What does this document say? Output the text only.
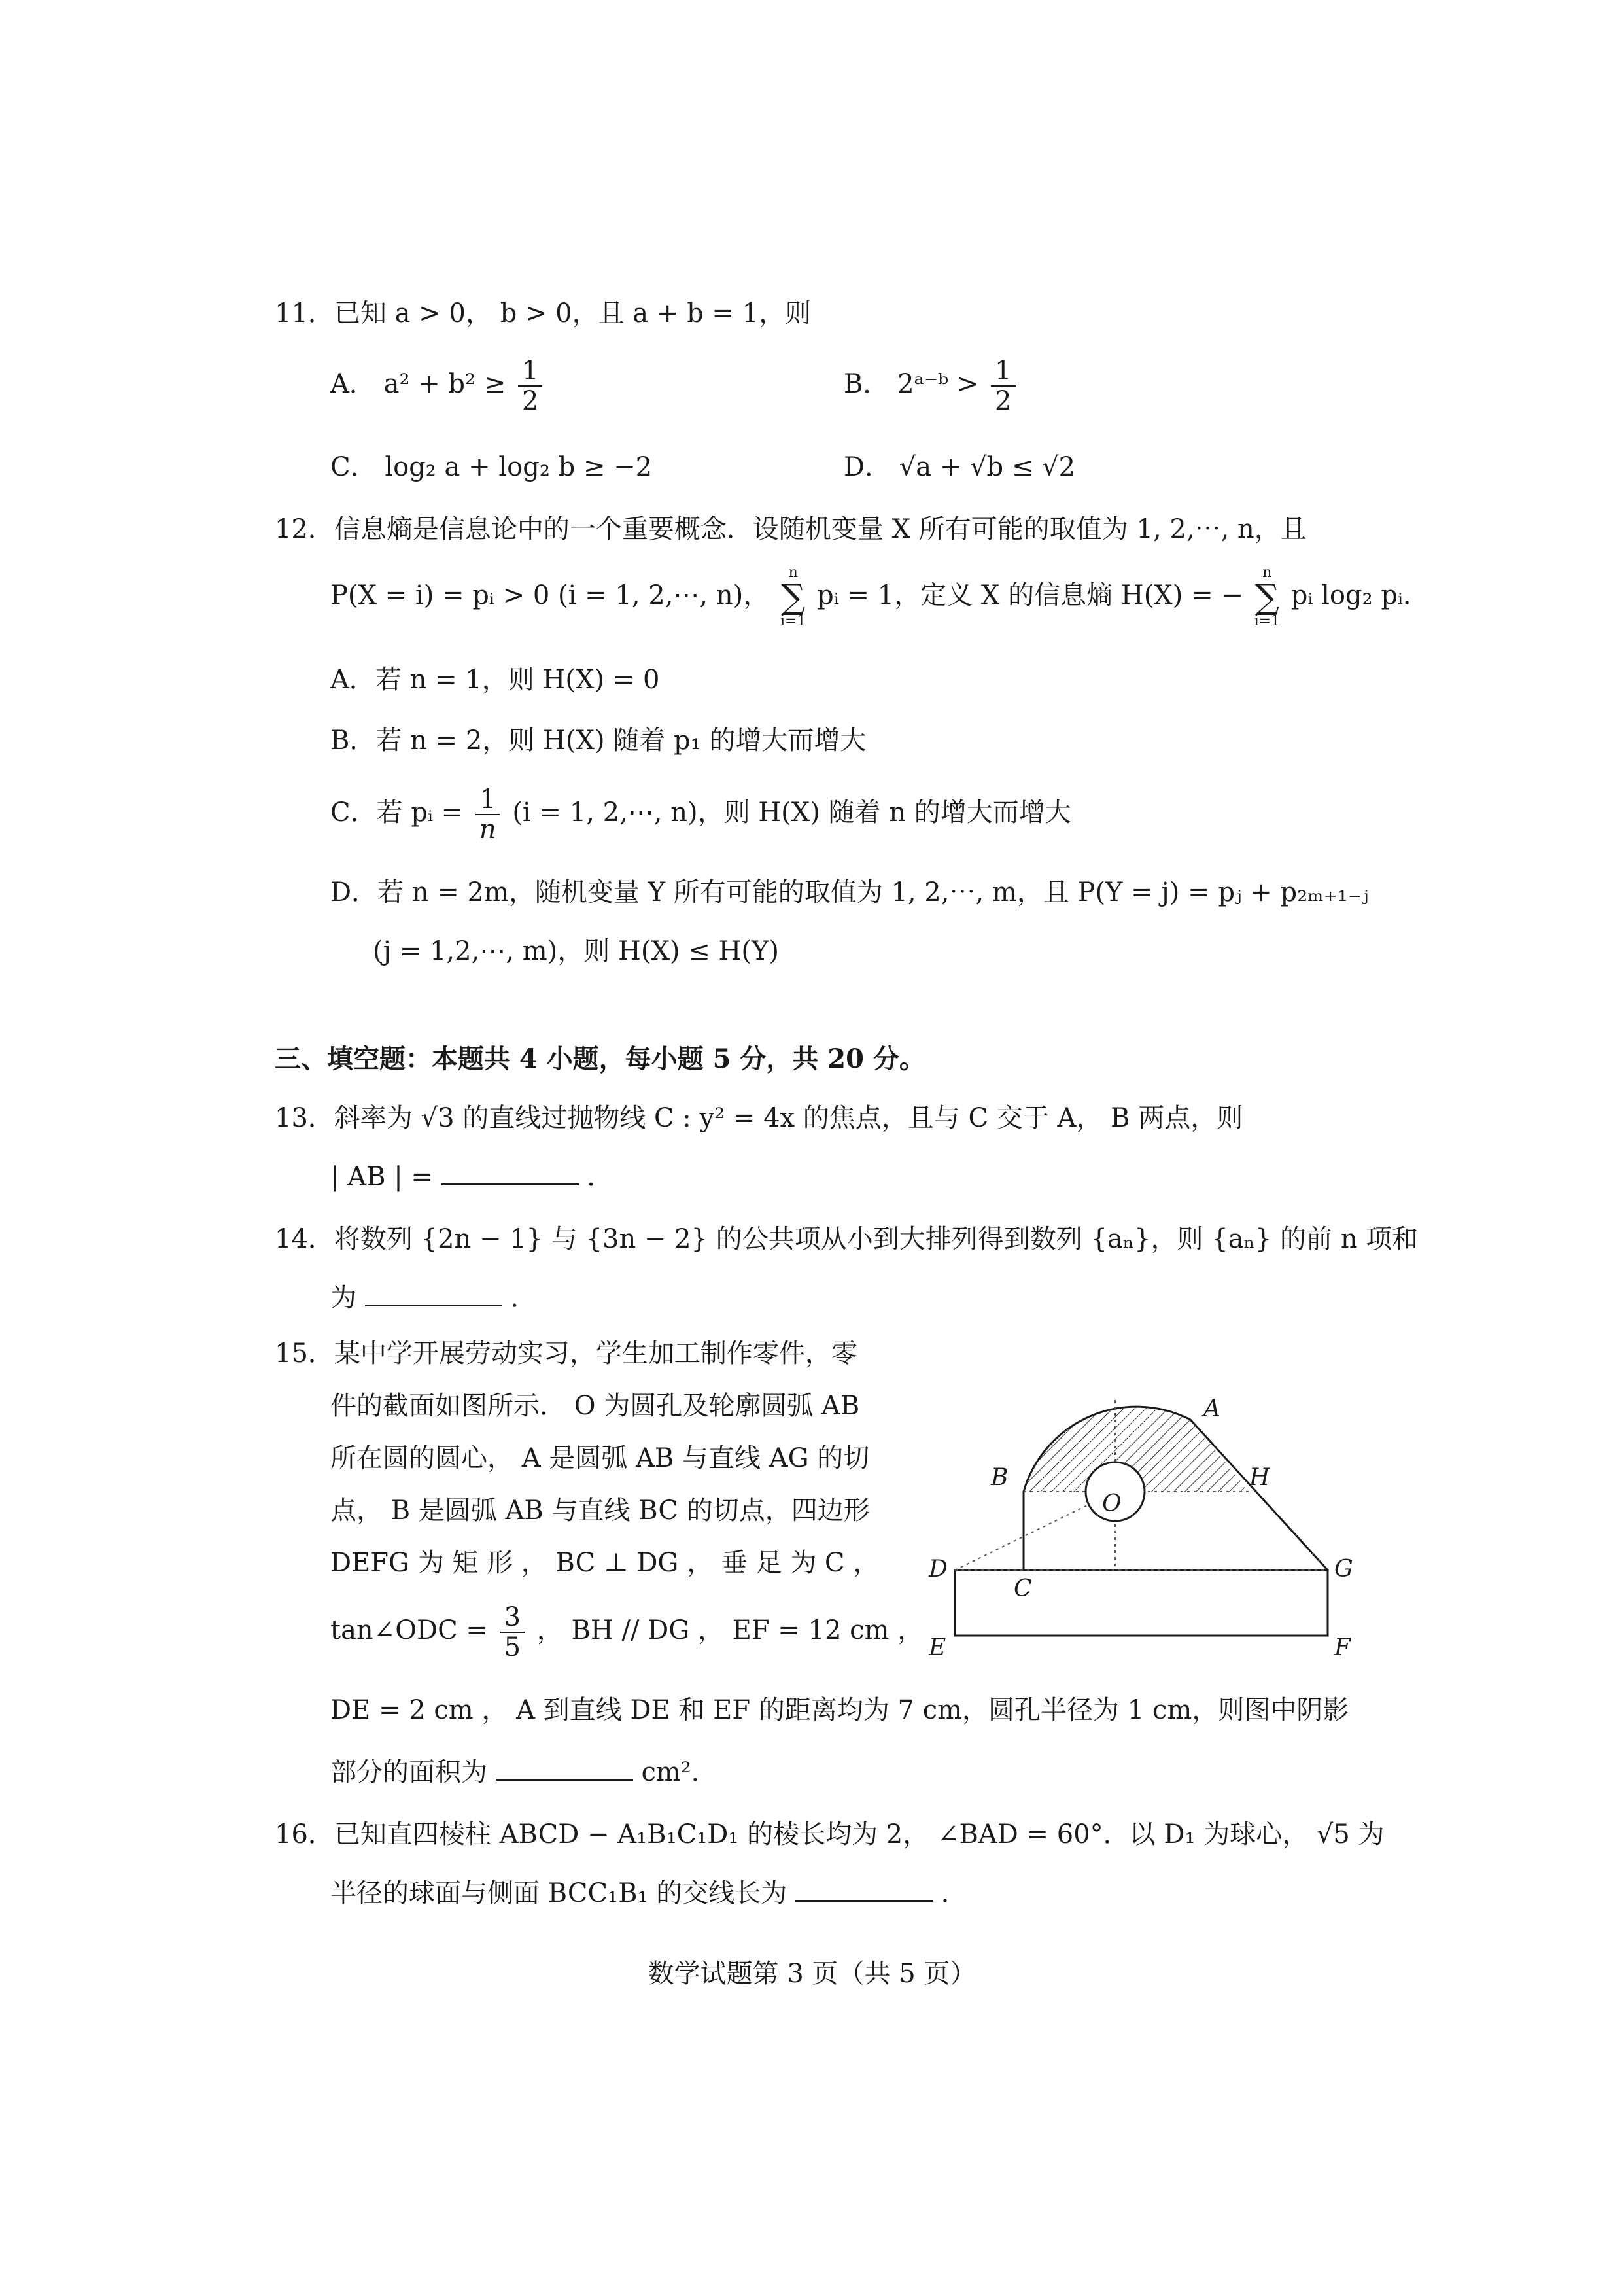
11．已知 a > 0， b > 0，且 a + b = 1，则
A． $a^2 + b^2 \ge \frac{1}{2}$	B． 2ᵃ⁻ᵇ > $\frac{1}{2}$
C． log₂ a + log₂ b ≥ −2	D． √a + √b ≤ √2
12．信息熵是信息论中的一个重要概念．设随机变量 X 所有可能的取值为 1, 2,⋯, n，且
P(X = i) = pᵢ > 0 (i = 1, 2,⋯, n)，
n
∑
i=1
pᵢ = 1，定义 X 的信息熵 H(X) = −
n
∑
i=1
pᵢ log₂ pᵢ．
A．若 n = 1，则 H(X) = 0
B．若 n = 2，则 H(X) 随着 p₁ 的增大而增大
C．若 pᵢ = $\frac{1}{n} (i = 1$, 2,⋯, n)，则 H(X) 随着 n 的增大而增大
D．若 n = 2m，随机变量 Y 所有可能的取值为 1, 2,⋯, m，且 P(Y = j) = pⱼ + p₂ₘ₊₁₋ⱼ
(j = 1,2,⋯, m)，则 H(X) ≤ H(Y)
三、填空题：本题共 4 小题，每小题 5 分，共 20 分。
13．斜率为 √3 的直线过抛物线 C : y² = 4x 的焦点，且与 C 交于 A， B 两点，则
| AB | =	．
14．将数列 {2n − 1} 与 {3n − 2} 的公共项从小到大排列得到数列 {aₙ}，则 {aₙ} 的前 n 项和
为	．
15．某中学开展劳动实习，学生加工制作零件，零
件的截面如图所示． O 为圆孔及轮廓圆弧 AB
所在圆的圆心， A 是圆弧 AB 与直线 AG 的切
点， B 是圆弧 AB 与直线 BC 的切点，四边形
DEFG 为 矩 形 ， BC ⊥ DG ， 垂 足 为 C ，
tan∠ODC = $\frac{3}{5}$ ， BH // DG ， EF = 12 cm ，
DE = 2 cm ， A 到直线 DE 和 EF 的距离均为 7 cm，圆孔半径为 1 cm，则图中阴影
部分的面积为	cm²．
A
B	H
O
D
C
G
E	F
16．已知直四棱柱 ABCD − A₁B₁C₁D₁ 的棱长均为 2， ∠BAD = 60°．以 D₁ 为球心， √5 为
半径的球面与侧面 BCC₁B₁ 的交线长为	．
数学试题第 3 页（共 5 页）
